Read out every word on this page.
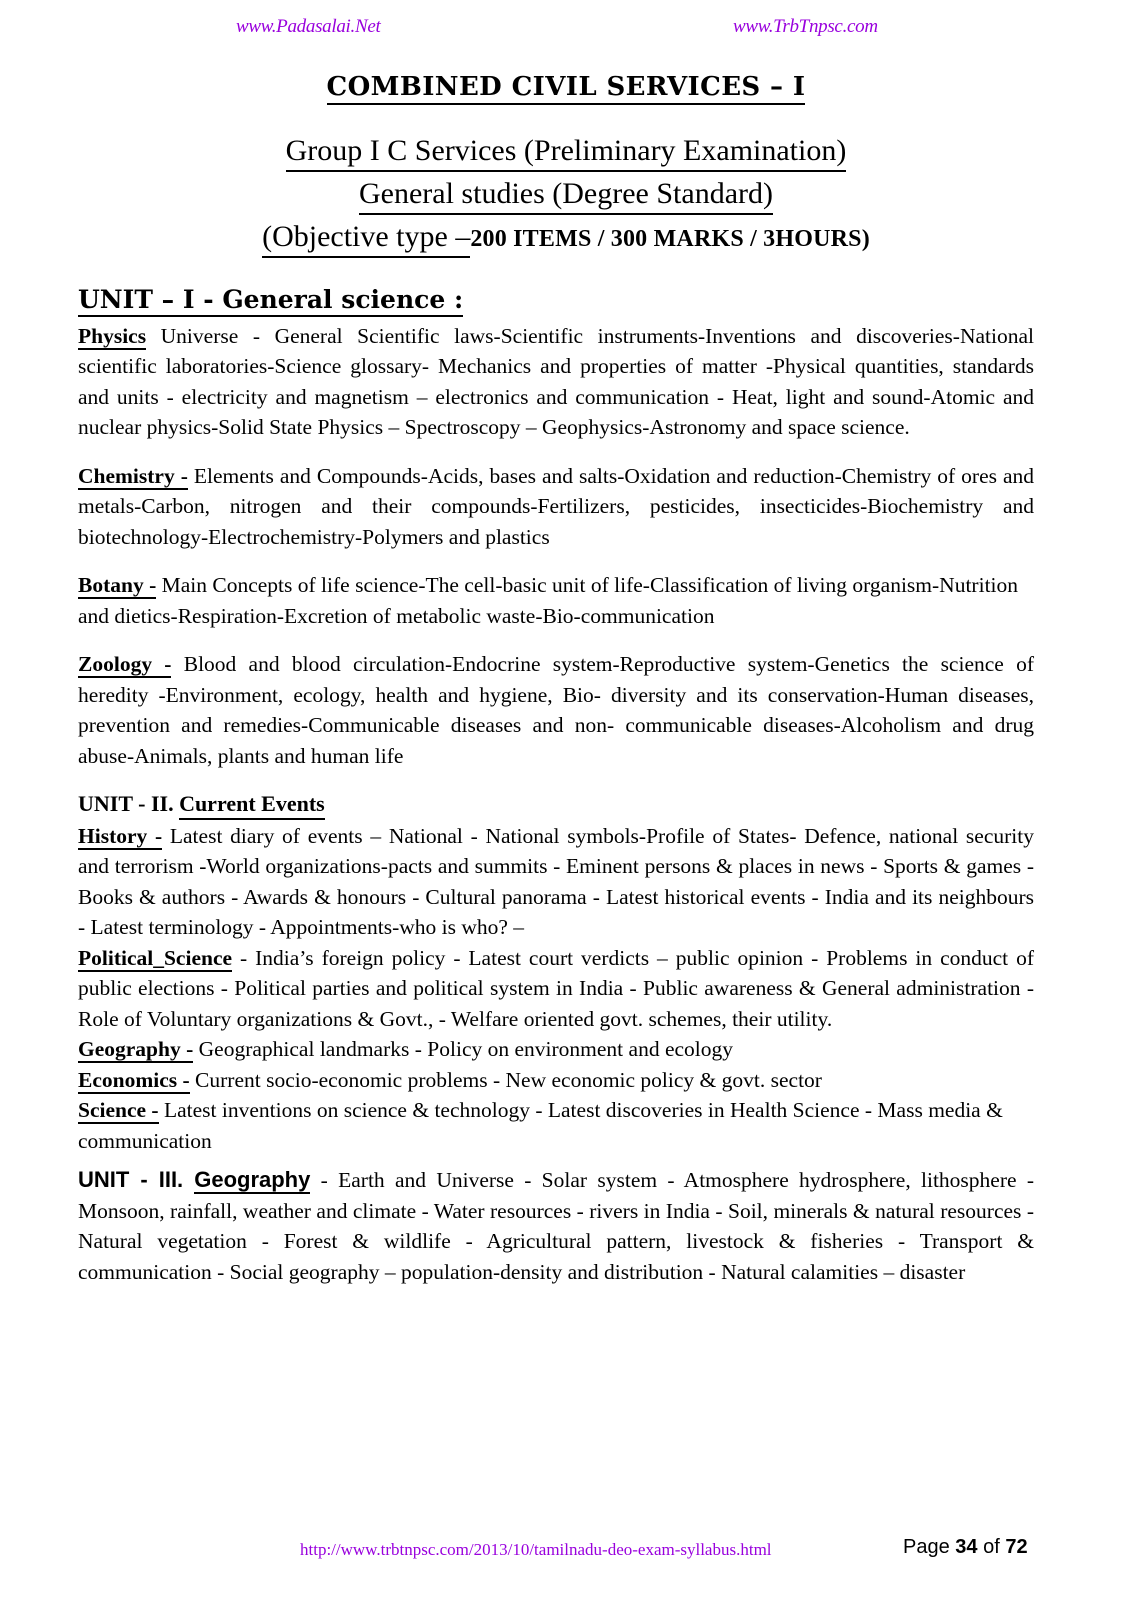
www.Padasalai.Net	www.TrbTnpsc.com
COMBINED CIVIL SERVICES – I
Group I C Services (Preliminary Examination)
General studies (Degree Standard)
(Objective type –200 ITEMS / 300 MARKS / 3HOURS)
UNIT – I - General science :

Physics Universe - General Scientific laws-Scientific instruments-Inventions and discoveries-National scientific laboratories-Science glossary- Mechanics and properties of matter -Physical quantities, standards and units - electricity and magnetism – electronics and communication - Heat, light and sound-Atomic and nuclear physics-Solid State Physics – Spectroscopy – Geophysics-Astronomy and space science.

Chemistry - Elements and Compounds-Acids, bases and salts-Oxidation and reduction-Chemistry of ores and metals-Carbon, nitrogen and their compounds-Fertilizers, pesticides, insecticides-Biochemistry and biotechnology-Electrochemistry-Polymers and plastics

Botany - Main Concepts of life science-The cell-basic unit of life-Classification of living organism-Nutrition and dietics-Respiration-Excretion of metabolic waste-Bio-communication

Zoology - Blood and blood circulation-Endocrine system-Reproductive system-Genetics the science of heredity -Environment, ecology, health and hygiene, Bio- diversity and its conservation-Human diseases, prevention and remedies-Communicable diseases and non- communicable diseases-Alcoholism and drug abuse-Animals, plants and human life

UNIT - II. Current Events

History - Latest diary of events – National - National symbols-Profile of States- Defence, national security and terrorism -World organizations-pacts and summits - Eminent persons & places in news - Sports & games - Books & authors - Awards & honours - Cultural panorama - Latest historical events - India and its neighbours - Latest terminology - Appointments-who is who? –

Political_Science - India’s foreign policy - Latest court verdicts – public opinion - Problems in conduct of public elections - Political parties and political system in India - Public awareness & General administration - Role of Voluntary organizations & Govt., - Welfare oriented govt. schemes, their utility.

Geography - Geographical landmarks - Policy on environment and ecology

Economics - Current socio-economic problems - New economic policy & govt. sector

Science - Latest inventions on science & technology - Latest discoveries in Health Science - Mass media & communication

UNIT - III. Geography - Earth and Universe - Solar system - Atmosphere hydrosphere, lithosphere - Monsoon, rainfall, weather and climate - Water resources - rivers in India - Soil, minerals & natural resources - Natural vegetation - Forest & wildlife - Agricultural pattern, livestock & fisheries - Transport & communication - Social geography – population-density and distribution - Natural calamities – disaster

http://www.trbtnpsc.com/2013/10/tamilnadu-deo-exam-syllabus.html	Page 34 of 72
